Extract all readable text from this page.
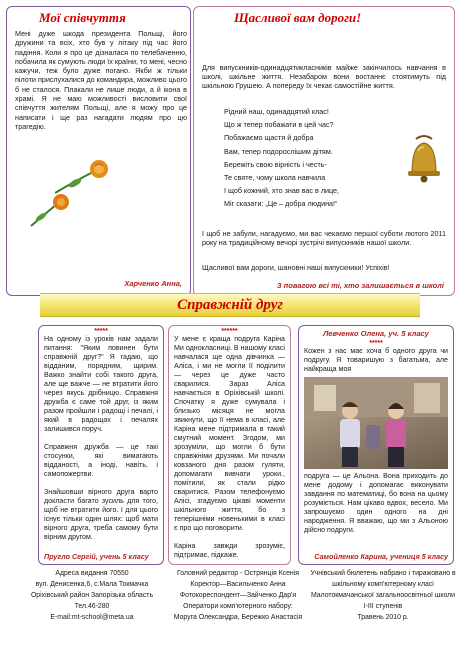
Мої співчуття
Мені дуже шкода президента Польщі, його дружини та всіх, хто був у літаку під час його падіння. Коли я про це дізналася по телебаченню, побачила як сумують люди їх країни, то мені, чесно кажучи, теж було дуже погано. Якби ж тільки пілоти прислухалися до командира, можливо цього б не сталося. Плакали не лише люди, а й ікона в храмі. Я не маю можливості висловити свої співчуття жителям Польщі, але я можу про це написати і ще раз нагадати людям про цю трагедію.
Харченко Анна,
Щасливої вам дороги!
Для випускників-одинадцятикласників майже закінчилось навчання в школі, шкільне життя. Незабаром вони востаннє стоятимуть під шкільною Грушею. А попереду їх чекає самостійне життя.
Рідний наш, одинадцятий клас!
Що ж тепер побажати в цей час?
Побажаємо щастя й добра
Вам, тепер подорослішим дітям.
Бережіть свою вірність і честь-
Те святе, чому школа навчила
І щоб кожний, хто знав вас в лице,
Міг сказати: „Це – добра людина!“
І щоб не забули, нагадуємо, ми вас чекаємо першої суботи лютого 2011 року на традиційному вечорі зустрічі випускників нашої школи.
Щасливої вам дороги, шановні наші випускники! Успіхів!
З повагою всі ті, хто залишається в школі
Справжній друг
*****
На одному із уроків нам задали питання: "Яким повинен бути справжній друг?" Я гадаю, що відданим, порядним, щирим. Важко знайти собі такого друга, але ще важче — не втратити його через якусь дрібницю. Справжня дружба є саме той друг, із яким разом пройшли і радощі і печалі, і який в радощах і печалях залишився поруч.

Справжня дружба — це такі стосунки, які вимагають відданості, а іноді, навіть, і самопожертви.

Знайшовши вірного друга варто докласти багато зусиль для того, щоб не втратити його. І для цього існує тільки один шлях: щоб мати вірного друга, треба самому бути вірним другом.
Пругло Сергій, учень 5 класу
******
У мене є краща подруга Каріна Ми однокласниці. В нашому класі навчалася ще одна дівчинка — Аліса, і ми не могли її поділити — через це дуже часто сварилися. Зараз Аліса навчається в Оріхівській школі. Спочатку я дуже сумувала і близько місяця не могла звикнути, що її нема в класі, але Каріна мене підтримала в такий смутний момент. Згодом, ми зрозуміли, що могли б бути справжніми друзями. Ми почали ковзаного дня разом гуляти, допомагати вивчати уроки., помітили, як стали рідко сваритися. Разом телефонуємо Алісі, згадуємо цікаві моменти шкільного життя, бо з теперішніми новенькими в класі є про що поговорити.

Каріна завжди зрозуміє, підтримає, підкаже.
Левченко Олена, уч. 5 класу
*****
Кожен з нас має хоча б одного друга чи подругу. Я товаришую з багатьма, але найкраща моя
подруга — це Альона. Вона приходить до мене додому і допомагає виконувати завдання по математиці, бо вона на цьому розуміється. Нам цікаво вдвох, весело. Ми запрошуємо один одного на дні народження. Я вважаю, що ми з Альоною дійсно подруги.
Самойленко Карина, учениця 5 класу
Адреса видання 70550
вул. Денисенка,6, с.Мала Токмачка
Оріхівський район Запорізька область
Тел.46-280
E-mail:mt-school@meta.ua
Головний редактор - Острянція Ксенія
Коректор—Васильченко Анна
Фотокореспондент—Зайченко Дар'я
Оператори комп'ютерного набору: Моруга Олександра, Бережко Анастасія
Учнівський бюлетень набрано і тиражовано в шкільному комп'ютерному класі Малотокмачанської загальноосвітньої школи І-ІІІ ступенів
Травень 2010 р.
